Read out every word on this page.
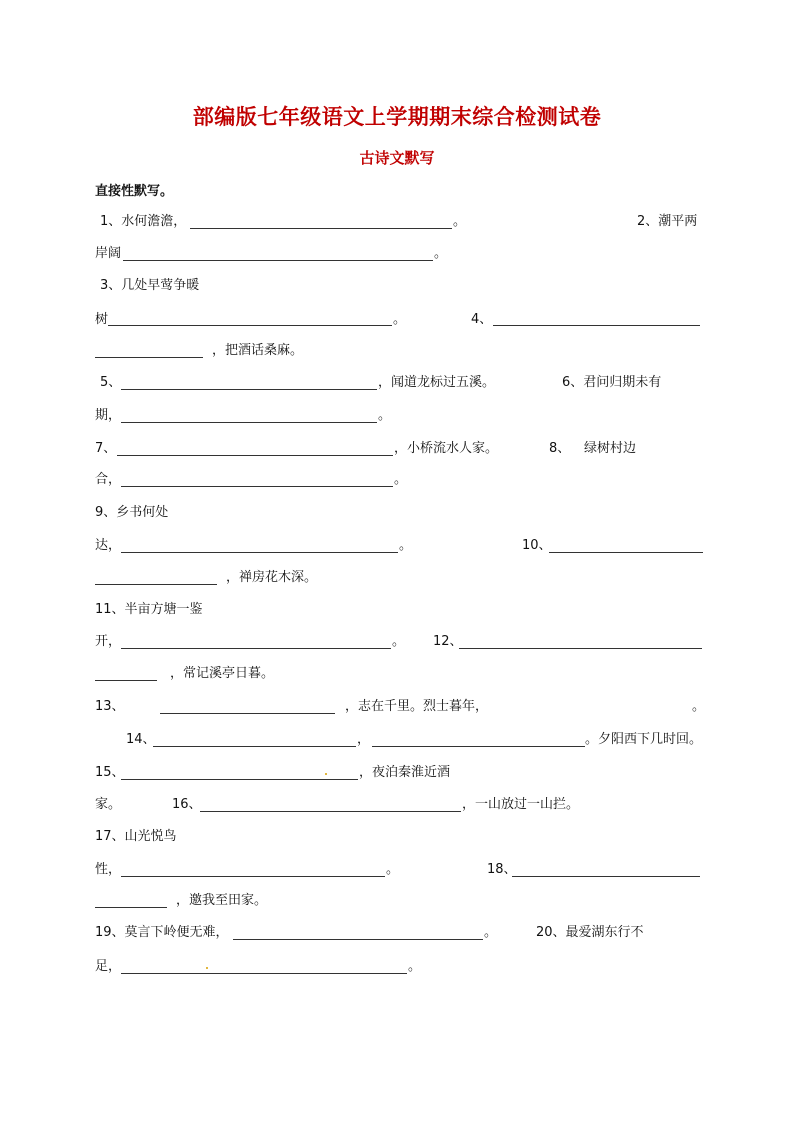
部编版七年级语文上学期期末综合检测试卷
古诗文默写
直接性默写。
1、水何澹澹，	。	2、潮平两
岸阔	。
3、几处早莺争暖
树	。	4、
，把酒话桑麻。
5、	，闻道龙标过五溪。	6、君问归期未有
期，	。
7、	，小桥流水人家。	8、 绿树村边
合，	。
9、乡书何处
达，	。	10、
，禅房花木深。
11、半亩方塘一鉴
开，	。 12、
，常记溪亭日暮。
13、	，志在千里。烈士暮年，	。
14、	，	。夕阳西下几时回。
15、	，夜泊秦淮近酒
家。	16、	，一山放过一山拦。
17、山光悦鸟
性，	。	18、
，邀我至田家。
19、莫言下岭便无难，	。	20、最爱湖东行不
足，	。
